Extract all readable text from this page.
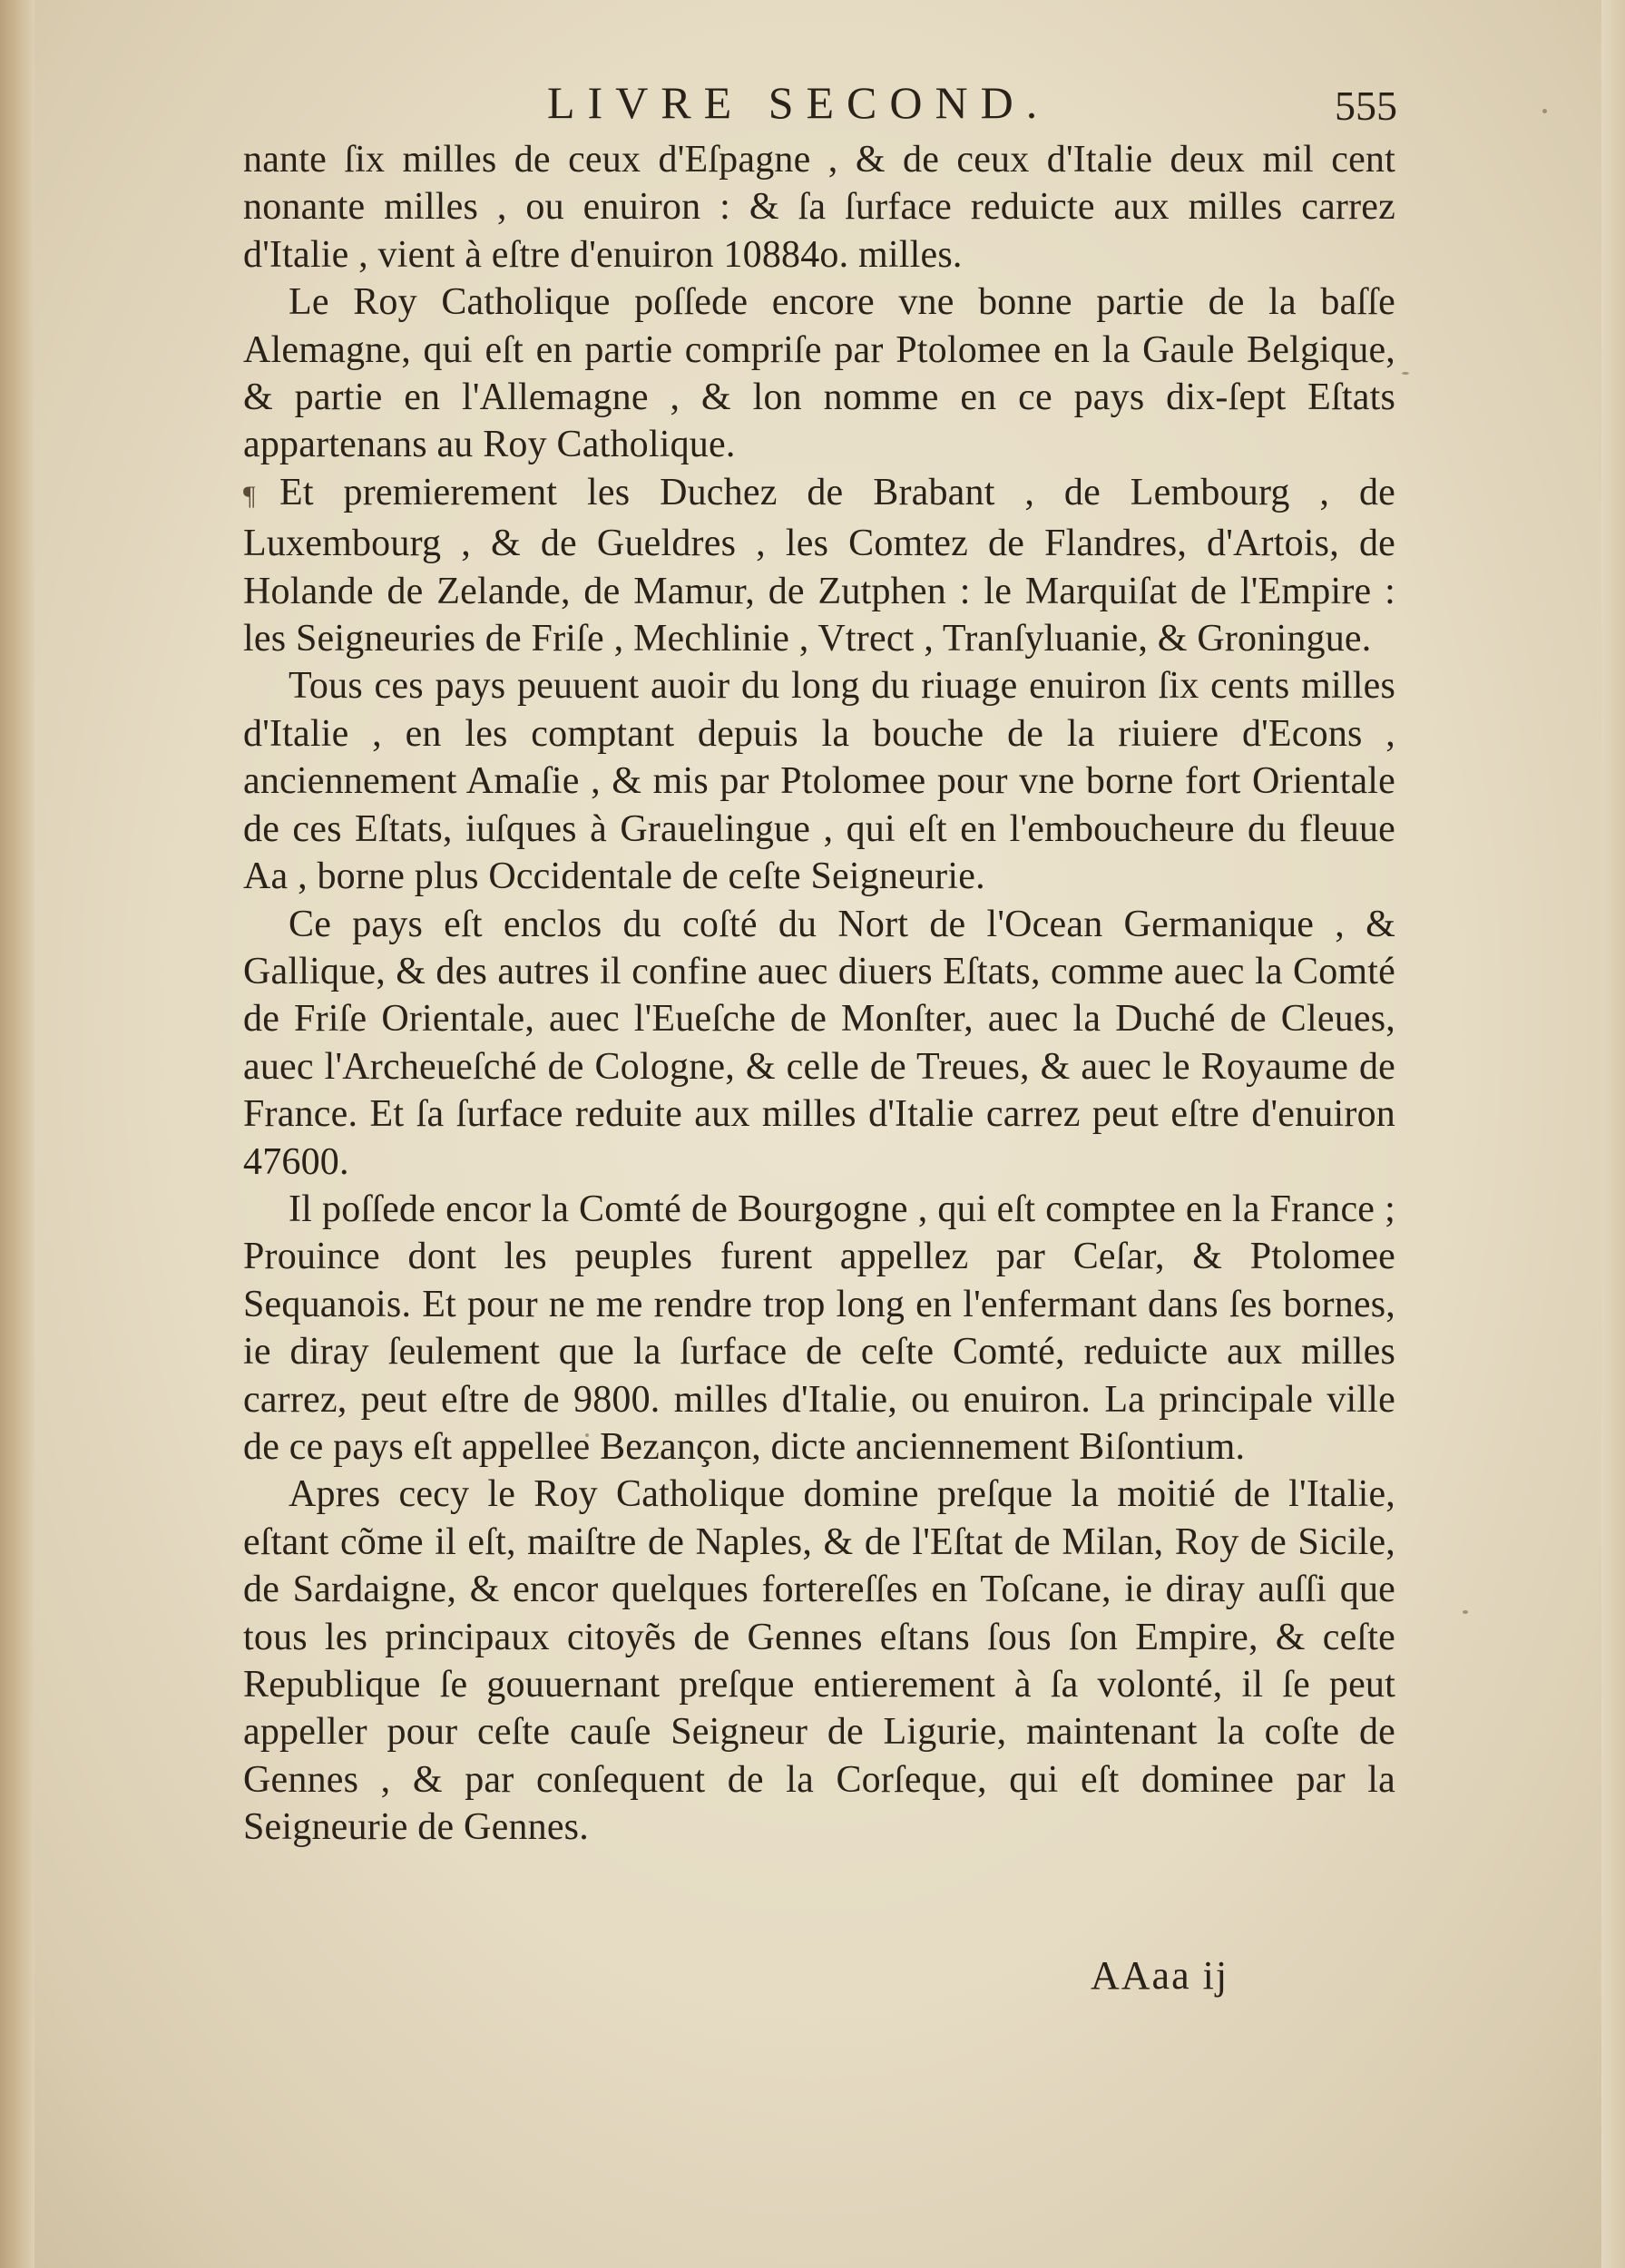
LIVRE SECOND.	555

nante ſix milles de ceux d'Eſpagne , & de ceux d'Italie deux mil cent nonante milles , ou enuiron : & ſa ſurface reduicte aux milles carrez d'Italie , vient à eſtre d'enuiron 10884o. milles.

Le Roy Catholique poſſede encore vne bonne partie de la baſſe Alemagne, qui eſt en partie compriſe par Ptolomee en la Gaule Belgique, & partie en l'Allemagne , & lon nomme en ce pays dix-ſept Eſtats appartenans au Roy Catholique.

¶ Et premierement les Duchez de Brabant , de Lembourg , de Luxembourg , & de Gueldres , les Comtez de Flandres, d'Artois, de Holande de Zelande, de Mamur, de Zutphen : le Marquiſat de l'Empire : les Seigneuries de Friſe , Mechlinie , Vtrect , Tranſyluanie, & Groningue.

Tous ces pays peuuent auoir du long du riuage enuiron ſix cents milles d'Italie , en les comptant depuis la bouche de la riuiere d'Econs , anciennement Amaſie , & mis par Ptolomee pour vne borne fort Orientale de ces Eſtats, iuſques à Grauelingue , qui eſt en l'embouchеure du fleuue Aa , borne plus Occidentale de ceſte Seigneurie.

Ce pays eſt enclos du coſté du Nort de l'Ocean Germanique , & Gallique, & des autres il confine auec diuers Eſtats, comme auec la Comté de Friſe Orientale, auec l'Eueſche de Monſter, auec la Duché de Cleues, auec l'Archeueſché de Cologne, & celle de Treues, & auec le Royaume de France. Et ſa ſurface reduite aux milles d'Italie carrez peut eſtre d'enuiron 47600.

Il poſſede encor la Comté de Bourgogne , qui eſt comptee en la France ; Prouince dont les peuples furent appellez par Ceſar, & Ptolomee Sequanois. Et pour ne me rendre trop long en l'enfermant dans ſes bornes, ie diray ſeulement que la ſurface de ceſte Comté, reduicte aux milles carrez, peut eſtre de 9800. milles d'Italie, ou enuiron. La principale ville de ce pays eſt appellee Bezançon, dicte anciennement Biſontium.

Apres cecy le Roy Catholique domine preſque la moitié de l'Italie, eſtant cõme il eſt, maiſtre de Naples, & de l'Eſtat de Milan, Roy de Sicile, de Sardaigne, & encor quelques forterеſſes en Toſcane, ie diray auſſi que tous les principaux citoyẽs de Gennes eſtans ſous ſon Empire, & ceſte Republique ſe gouuernant preſque entierement à ſa volonté, il ſe peut appeller pour ceſte cauſe Seigneur de Ligurie, maintenant la coſte de Gennes , & par conſequent de la Corſeque, qui eſt dominee par la Seigneurie de Gennes.

AAaa ij
